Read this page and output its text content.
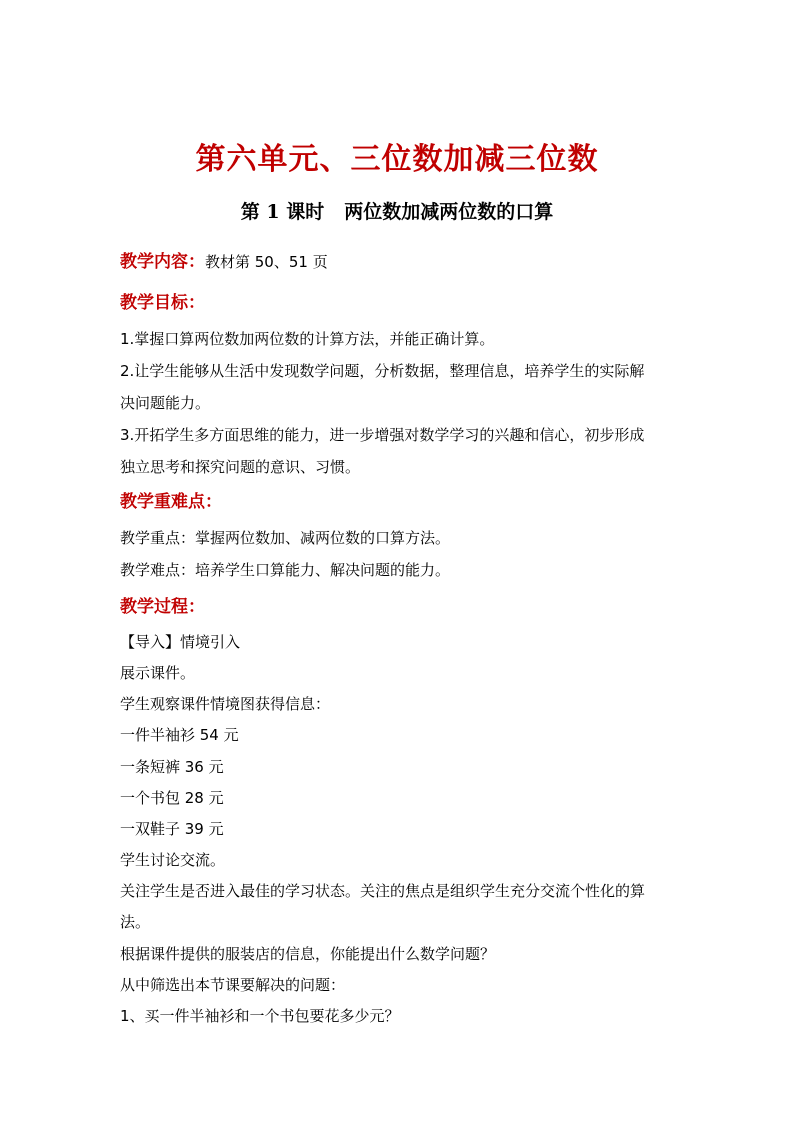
第六单元、三位数加减三位数
第 1 课时 两位数加减两位数的口算
教学内容：教材第 50、51 页
教学目标：
1.掌握口算两位数加两位数的计算方法，并能正确计算。
2.让学生能够从生活中发现数学问题，分析数据，整理信息，培养学生的实际解
决问题能力。
3.开拓学生多方面思维的能力，进一步增强对数学学习的兴趣和信心，初步形成
独立思考和探究问题的意识、习惯。
教学重难点：
教学重点：掌握两位数加、减两位数的口算方法。
教学难点：培养学生口算能力、解决问题的能力。
教学过程：
【导入】情境引入
展示课件。
学生观察课件情境图获得信息：
一件半袖衫 54 元
一条短裤 36 元
一个书包 28 元
一双鞋子 39 元
学生讨论交流。
关注学生是否进入最佳的学习状态。关注的焦点是组织学生充分交流个性化的算
法。
根据课件提供的服装店的信息，你能提出什么数学问题？
从中筛选出本节课要解决的问题：
1、买一件半袖衫和一个书包要花多少元？
